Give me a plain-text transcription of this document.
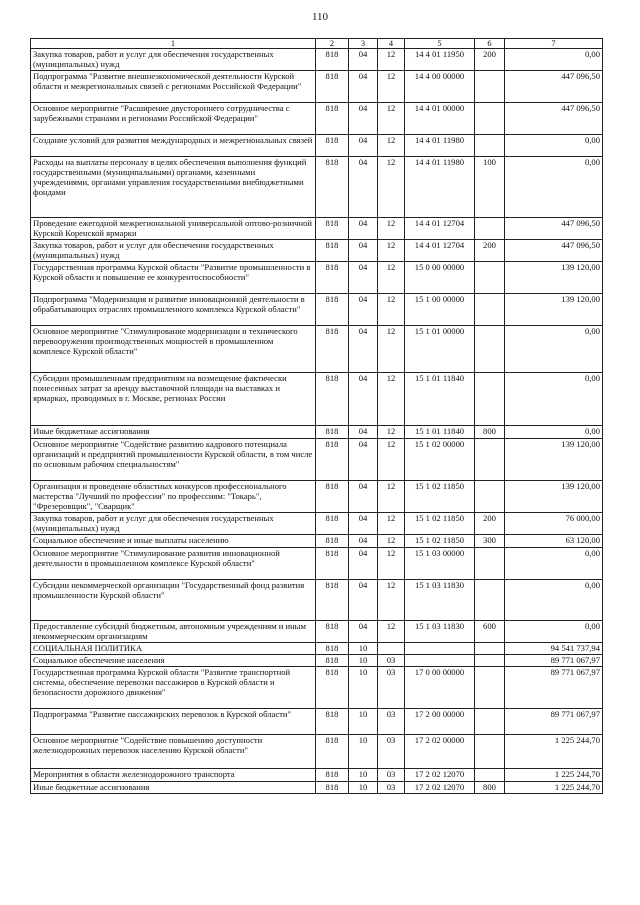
110
1	2	3	4	5	6	7
Закупка товаров, работ и услуг для обеспечения государственных (муниципальных) нужд	818	04	12	14 4 01 11950	200	0,00
Подпрограмма "Развитие внешнеэкономической деятельности Курской области и межрегиональных связей с регионами Российской Федерации"	818	04	12	14 4 00 00000		447 096,50
Основное мероприятие "Расширение двустороннего сотрудничества с зарубежными странами и регионами Российской Федерации"	818	04	12	14 4 01 00000		447 096,50
Создание условий для развития международных и межрегиональных связей	818	04	12	14 4 01 11980		0,00
Расходы на выплаты персоналу в целях обеспечения выполнения функций государственными (муниципальными) органами, казенными учреждениями, органами управления государственными внебюджетными фондами	818	04	12	14 4 01 11980	100	0,00
Проведение ежегодной межрегиональной универсальной оптово-розничной Курской Коренской ярмарки	818	04	12	14 4 01 12704		447 096,50
Закупка товаров, работ и услуг для обеспечения государственных (муниципальных) нужд	818	04	12	14 4 01 12704	200	447 096,50
Государственная программа Курской области "Развитие промышленности в Курской области и повышение ее конкурентоспособности"	818	04	12	15 0 00 00000		139 120,00
Подпрограмма "Модернизация и развитие инновационной деятельности в обрабатывающих отраслях промышленного комплекса Курской области"	818	04	12	15 1 00 00000		139 120,00
Основное мероприятие "Стимулирование модернизации и технического перевооружения производственных мощностей в промышленном комплексе Курской области"	818	04	12	15 1 01 00000		0,00
Субсидии промышленным предприятиям на возмещение фактически понесенных затрат за аренду выставочной площади на выставках и ярмарках, проводимых в г. Москве, регионах России	818	04	12	15 1 01 11840		0,00
Иные бюджетные ассигнования	818	04	12	15 1 01 11840	800	0,00
Основное мероприятие "Содействие развитию кадрового потенциала организаций и предприятий промышленности Курской области, в том числе по основным рабочим специальностям"	818	04	12	15 1 02 00000		139 120,00
Организация и проведение областных конкурсов профессионального мастерства "Лучший по профессии" по профессиям: "Токарь", "Фрезеровщик", "Сварщик"	818	04	12	15 1 02 11850		139 120,00
Закупка товаров, работ и услуг для обеспечения государственных (муниципальных) нужд	818	04	12	15 1 02 11850	200	76 000,00
Социальное обеспечение и иные выплаты населению	818	04	12	15 1 02 11850	300	63 120,00
Основное мероприятие "Стимулирование развития инновационной деятельности в промышленном комплексе Курской области"	818	04	12	15 1 03 00000		0,00
Субсидии некоммерческой организации "Государственный фонд развития промышленности Курской области"	818	04	12	15 1 03 11830		0,00
Предоставление субсидий бюджетным, автономным учреждениям и иным некоммерческим организациям	818	04	12	15 1 03 11830	600	0,00
СОЦИАЛЬНАЯ ПОЛИТИКА	818	10				94 541 737,94
Социальное обеспечение населения	818	10	03			89 771 067,97
Государственная программа Курской области "Развитие транспортной системы, обеспечение перевозки пассажиров в Курской области и безопасности дорожного движения"	818	10	03	17 0 00 00000		89 771 067,97
Подпрограмма "Развитие пассажирских перевозок в Курской области"	818	10	03	17 2 00 00000		89 771 067,97
Основное мероприятие "Содействие повышению доступности железнодорожных перевозок населению Курской области"	818	10	03	17 2 02 00000		1 225 244,70
Мероприятия в области железнодорожного транспорта	818	10	03	17 2 02 12070		1 225 244,70
Иные бюджетные ассигнования	818	10	03	17 2 02 12070	800	1 225 244,70
